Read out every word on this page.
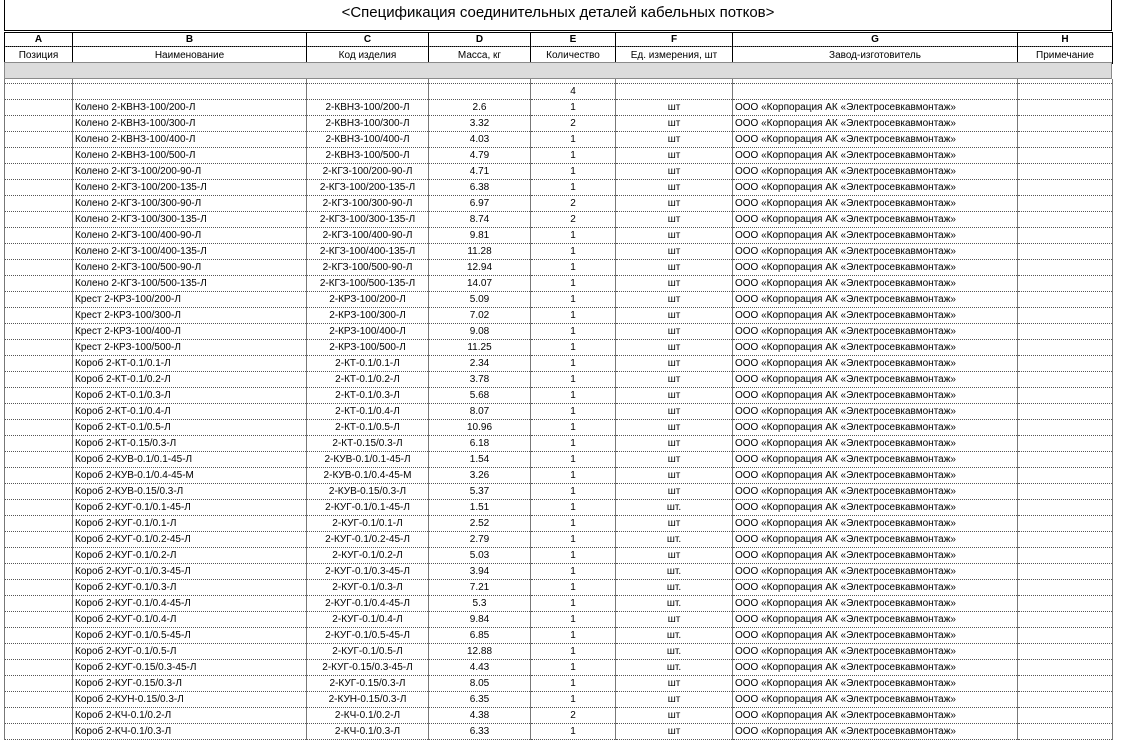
<Спецификация соединительных деталей кабельных потков>
A	B	C	D	E	F	G	H
Позиция	Наименование	Код изделия	Масса, кг	Количество	Ед. измерения, шт	Завод-изготовитель	Примечание

				4			
	Колено 2-КВНЗ-100/200-Л	2-КВНЗ-100/200-Л	2.6	1	шт	ООО «Корпорация АК «Электросевкавмонтаж»	
	Колено 2-КВНЗ-100/300-Л	2-КВНЗ-100/300-Л	3.32	2	шт	ООО «Корпорация АК «Электросевкавмонтаж»	
	Колено 2-КВНЗ-100/400-Л	2-КВНЗ-100/400-Л	4.03	1	шт	ООО «Корпорация АК «Электросевкавмонтаж»	
	Колено 2-КВНЗ-100/500-Л	2-КВНЗ-100/500-Л	4.79	1	шт	ООО «Корпорация АК «Электросевкавмонтаж»	
	Колено 2-КГЗ-100/200-90-Л	2-КГЗ-100/200-90-Л	4.71	1	шт	ООО «Корпорация АК «Электросевкавмонтаж»	
	Колено 2-КГЗ-100/200-135-Л	2-КГЗ-100/200-135-Л	6.38	1	шт	ООО «Корпорация АК «Электросевкавмонтаж»	
	Колено 2-КГЗ-100/300-90-Л	2-КГЗ-100/300-90-Л	6.97	2	шт	ООО «Корпорация АК «Электросевкавмонтаж»	
	Колено 2-КГЗ-100/300-135-Л	2-КГЗ-100/300-135-Л	8.74	2	шт	ООО «Корпорация АК «Электросевкавмонтаж»	
	Колено 2-КГЗ-100/400-90-Л	2-КГЗ-100/400-90-Л	9.81	1	шт	ООО «Корпорация АК «Электросевкавмонтаж»	
	Колено 2-КГЗ-100/400-135-Л	2-КГЗ-100/400-135-Л	11.28	1	шт	ООО «Корпорация АК «Электросевкавмонтаж»	
	Колено 2-КГЗ-100/500-90-Л	2-КГЗ-100/500-90-Л	12.94	1	шт	ООО «Корпорация АК «Электросевкавмонтаж»	
	Колено 2-КГЗ-100/500-135-Л	2-КГЗ-100/500-135-Л	14.07	1	шт	ООО «Корпорация АК «Электросевкавмонтаж»	
	Крест 2-КРЗ-100/200-Л	2-КРЗ-100/200-Л	5.09	1	шт	ООО «Корпорация АК «Электросевкавмонтаж»	
	Крест 2-КРЗ-100/300-Л	2-КРЗ-100/300-Л	7.02	1	шт	ООО «Корпорация АК «Электросевкавмонтаж»	
	Крест 2-КРЗ-100/400-Л	2-КРЗ-100/400-Л	9.08	1	шт	ООО «Корпорация АК «Электросевкавмонтаж»	
	Крест 2-КРЗ-100/500-Л	2-КРЗ-100/500-Л	11.25	1	шт	ООО «Корпорация АК «Электросевкавмонтаж»	
	Короб 2-КТ-0.1/0.1-Л	2-КТ-0.1/0.1-Л	2.34	1	шт	ООО «Корпорация АК «Электросевкавмонтаж»	
	Короб 2-КТ-0.1/0.2-Л	2-КТ-0.1/0.2-Л	3.78	1	шт	ООО «Корпорация АК «Электросевкавмонтаж»	
	Короб 2-КТ-0.1/0.3-Л	2-КТ-0.1/0.3-Л	5.68	1	шт	ООО «Корпорация АК «Электросевкавмонтаж»	
	Короб 2-КТ-0.1/0.4-Л	2-КТ-0.1/0.4-Л	8.07	1	шт	ООО «Корпорация АК «Электросевкавмонтаж»	
	Короб 2-КТ-0.1/0.5-Л	2-КТ-0.1/0.5-Л	10.96	1	шт	ООО «Корпорация АК «Электросевкавмонтаж»	
	Короб 2-КТ-0.15/0.3-Л	2-КТ-0.15/0.3-Л	6.18	1	шт	ООО «Корпорация АК «Электросевкавмонтаж»	
	Короб 2-КУВ-0.1/0.1-45-Л	2-КУВ-0.1/0.1-45-Л	1.54	1	шт	ООО «Корпорация АК «Электросевкавмонтаж»	
	Короб 2-КУВ-0.1/0.4-45-М	2-КУВ-0.1/0.4-45-М	3.26	1	шт	ООО «Корпорация АК «Электросевкавмонтаж»	
	Короб 2-КУВ-0.15/0.3-Л	2-КУВ-0.15/0.3-Л	5.37	1	шт	ООО «Корпорация АК «Электросевкавмонтаж»	
	Короб 2-КУГ-0.1/0.1-45-Л	2-КУГ-0.1/0.1-45-Л	1.51	1	шт.	ООО «Корпорация АК «Электросевкавмонтаж»	
	Короб 2-КУГ-0.1/0.1-Л	2-КУГ-0.1/0.1-Л	2.52	1	шт	ООО «Корпорация АК «Электросевкавмонтаж»	
	Короб 2-КУГ-0.1/0.2-45-Л	2-КУГ-0.1/0.2-45-Л	2.79	1	шт.	ООО «Корпорация АК «Электросевкавмонтаж»	
	Короб 2-КУГ-0.1/0.2-Л	2-КУГ-0.1/0.2-Л	5.03	1	шт	ООО «Корпорация АК «Электросевкавмонтаж»	
	Короб 2-КУГ-0.1/0.3-45-Л	2-КУГ-0.1/0.3-45-Л	3.94	1	шт.	ООО «Корпорация АК «Электросевкавмонтаж»	
	Короб 2-КУГ-0.1/0.3-Л	2-КУГ-0.1/0.3-Л	7.21	1	шт.	ООО «Корпорация АК «Электросевкавмонтаж»	
	Короб 2-КУГ-0.1/0.4-45-Л	2-КУГ-0.1/0.4-45-Л	5.3	1	шт.	ООО «Корпорация АК «Электросевкавмонтаж»	
	Короб 2-КУГ-0.1/0.4-Л	2-КУГ-0.1/0.4-Л	9.84	1	шт	ООО «Корпорация АК «Электросевкавмонтаж»	
	Короб 2-КУГ-0.1/0.5-45-Л	2-КУГ-0.1/0.5-45-Л	6.85	1	шт.	ООО «Корпорация АК «Электросевкавмонтаж»	
	Короб 2-КУГ-0.1/0.5-Л	2-КУГ-0.1/0.5-Л	12.88	1	шт.	ООО «Корпорация АК «Электросевкавмонтаж»	
	Короб 2-КУГ-0.15/0.3-45-Л	2-КУГ-0.15/0.3-45-Л	4.43	1	шт.	ООО «Корпорация АК «Электросевкавмонтаж»	
	Короб 2-КУГ-0.15/0.3-Л	2-КУГ-0.15/0.3-Л	8.05	1	шт	ООО «Корпорация АК «Электросевкавмонтаж»	
	Короб 2-КУН-0.15/0.3-Л	2-КУН-0.15/0.3-Л	6.35	1	шт	ООО «Корпорация АК «Электросевкавмонтаж»	
	Короб 2-КЧ-0.1/0.2-Л	2-КЧ-0.1/0.2-Л	4.38	2	шт	ООО «Корпорация АК «Электросевкавмонтаж»	
	Короб 2-КЧ-0.1/0.3-Л	2-КЧ-0.1/0.3-Л	6.33	1	шт	ООО «Корпорация АК «Электросевкавмонтаж»	
